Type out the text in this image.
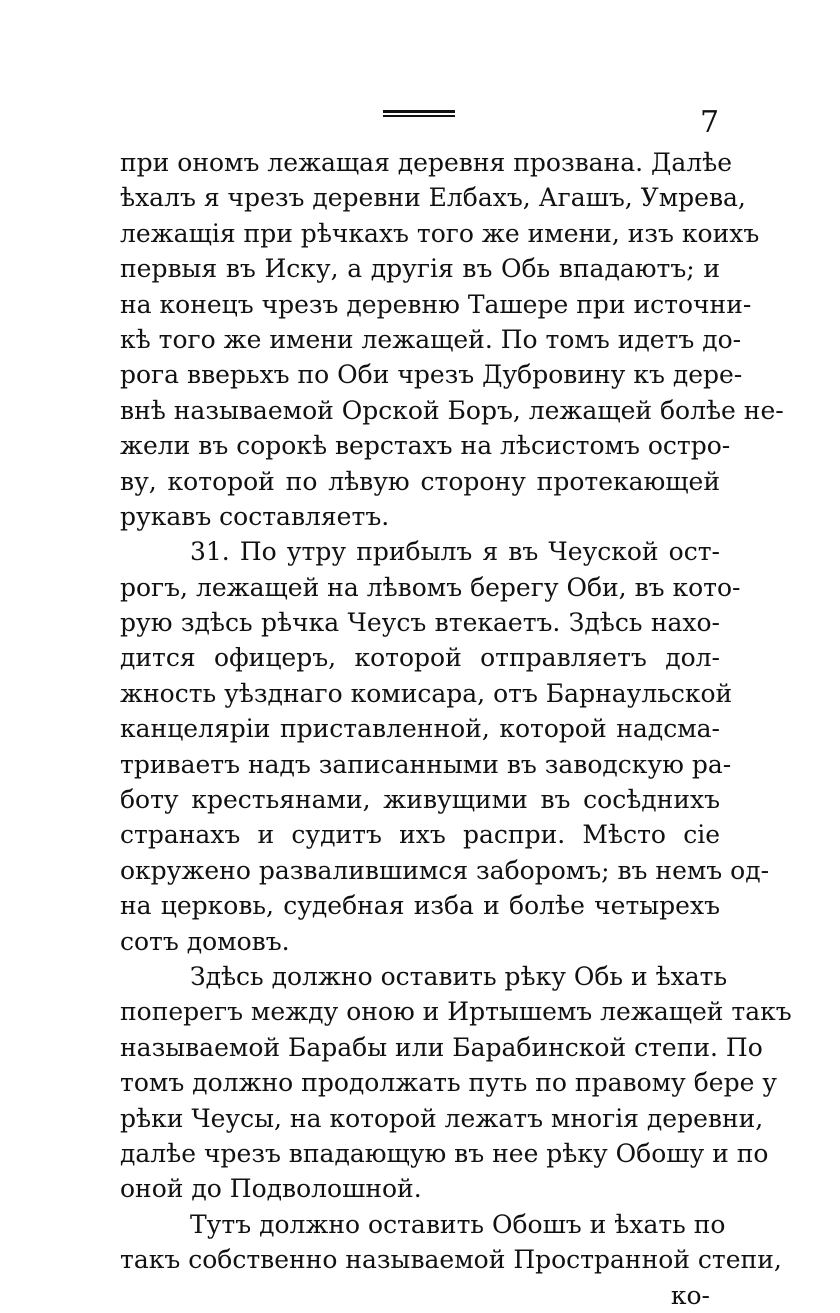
7
при ономъ лежащая деревня прозвана. Далѣе
ѣхалъ я чрезъ деревни Елбахъ, Агашъ, Умрева,
лежащія при рѣчкахъ того же имени, изъ коихъ
первыя въ Иску, а другія въ Обь впадаютъ; и
на конецъ чрезъ деревню Ташере при источни-
кѣ того же имени лежащей. По томъ идетъ до-
рога вверьхъ по Оби чрезъ Дубровину къ дере-
внѣ называемой Орской Боръ, лежащей болѣе не-
жели въ сорокѣ верстахъ на лѣсистомъ остро-
ву, которой по лѣвую сторону протекающей
рукавъ составляетъ.
31. По утру прибылъ я въ Чеуской ост-
рогъ, лежащей на лѣвомъ берегу Оби, въ кото-
рую здѣсь рѣчка Чеусъ втекаетъ. Здѣсь нахо-
дится офицеръ, которой отправляетъ дол-
жность уѣзднаго комисара, отъ Барнаульской
канцеляріи приставленной, которой надсма-
триваетъ надъ записанными въ заводскую ра-
боту крестьянами, живущими въ сосѣднихъ
странахъ и судитъ ихъ распри. Мѣсто сіе
окружено развалившимся заборомъ; въ немъ од-
на церковь, судебная изба и болѣе четырехъ
сотъ домовъ.
Здѣсь должно оставить рѣку Обь и ѣхать
поперегъ между оною и Иртышемъ лежащей такъ
называемой Барабы или Барабинской степи. По
томъ должно продолжать путь по правому бере у
рѣки Чеусы, на которой лежатъ многія деревни,
далѣе чрезъ впадающую въ нее рѣку Обошу и по
оной до Подволошной.
Тутъ должно оставить Обошъ и ѣхать по
такъ собственно называемой Пространной степи,
ко-
